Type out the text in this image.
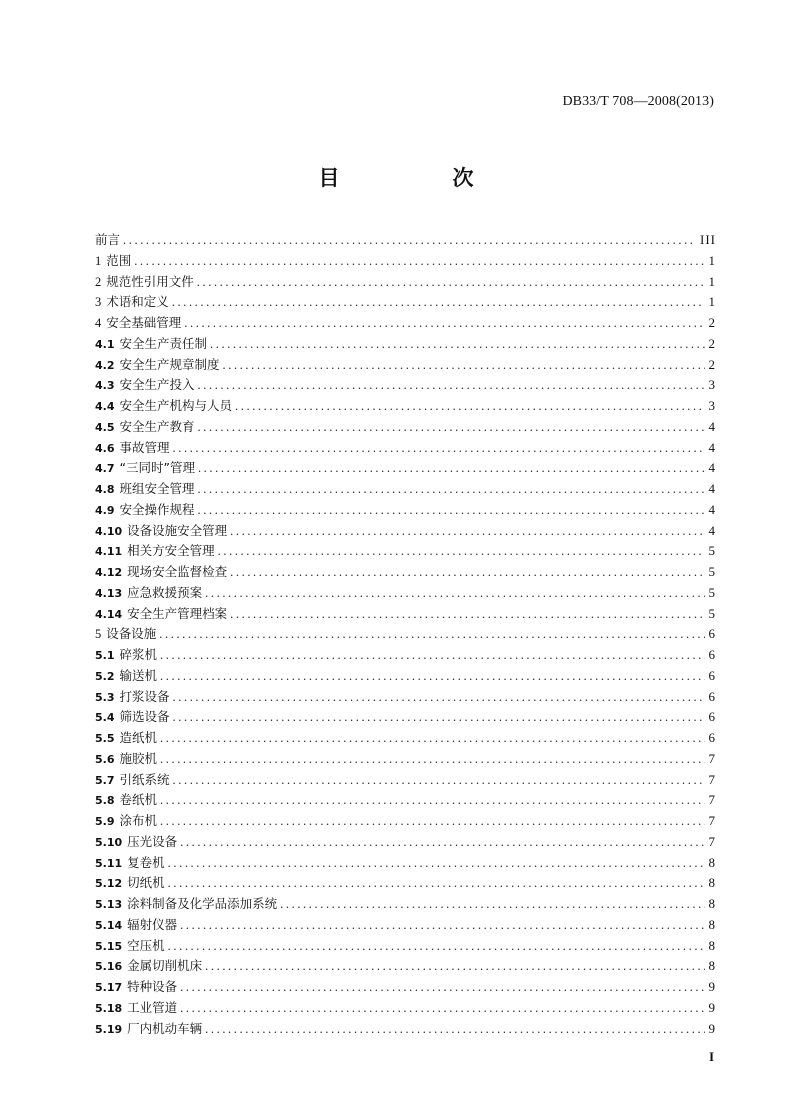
DB33/T 708—2008(2013)
目　次
前言 .....	III
1 范围 .....	1
2 规范性引用文件 .....	1
3 术语和定义 .....	1
4 安全基础管理 .....	2
4.1 安全生产责任制 .....	2
4.2 安全生产规章制度 .....	2
4.3 安全生产投入 .....	3
4.4 安全生产机构与人员 .....	3
4.5 安全生产教育 .....	4
4.6 事故管理 .....	4
4.7 “三同时”管理 .....	4
4.8 班组安全管理 .....	4
4.9 安全操作规程 .....	4
4.10 设备设施安全管理 .....	4
4.11 相关方安全管理 .....	5
4.12 现场安全监督检查 .....	5
4.13 应急救援预案 .....	5
4.14 安全生产管理档案 .....	5
5 设备设施 .....	6
5.1 碎浆机 .....	6
5.2 输送机 .....	6
5.3 打浆设备 .....	6
5.4 筛选设备 .....	6
5.5 造纸机 .....	6
5.6 施胶机 .....	7
5.7 引纸系统 .....	7
5.8 卷纸机 .....	7
5.9 涂布机 .....	7
5.10 压光设备 .....	7
5.11 复卷机 .....	8
5.12 切纸机 .....	8
5.13 涂料制备及化学品添加系统 .....	8
5.14 辐射仪器 .....	8
5.15 空压机 .....	8
5.16 金属切削机床 .....	8
5.17 特种设备 .....	9
5.18 工业管道 .....	9
5.19 厂内机动车辆 .....	9
I
